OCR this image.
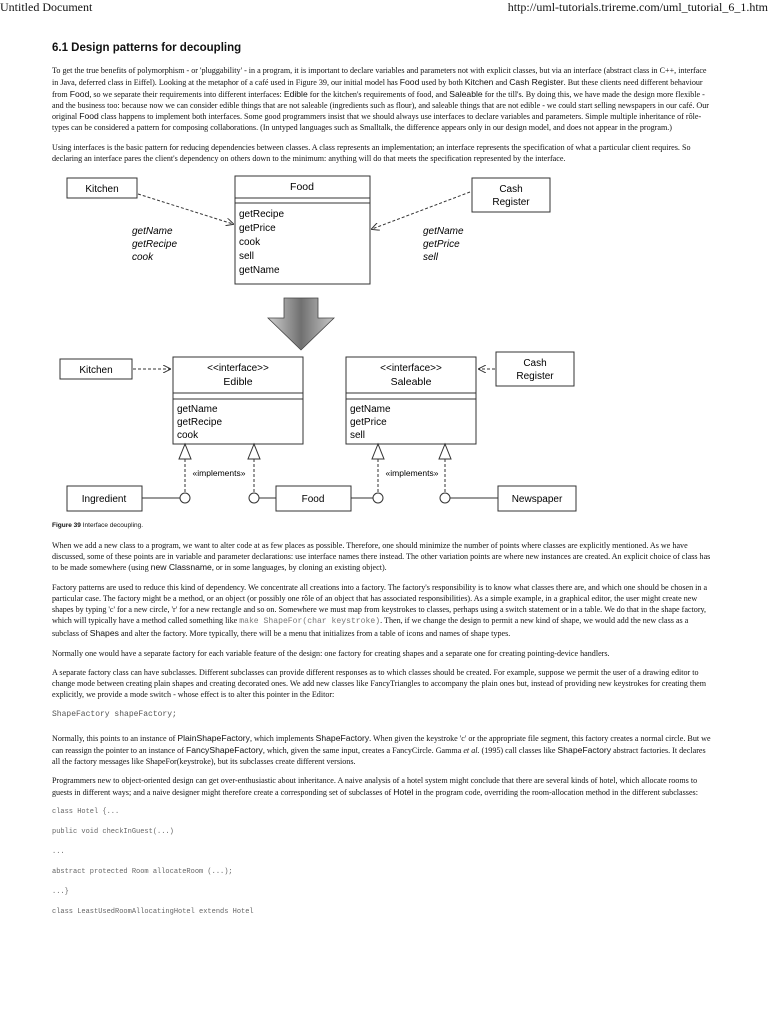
Untitled Document	http://uml-tutorials.trireme.com/uml_tutorial_6_1.htm
6.1 Design patterns for decoupling

To get the true benefits of polymorphism - or 'pluggability' - in a program, it is important to declare variables and parameters not with explicit classes, but via an interface (abstract class in C++, interface in Java, deferred class in Eiffel). Looking at the metaphor of a café used in Figure 39, our initial model has Food used by both Kitchen and Cash Register. But these clients need different behaviour from Food, so we separate their requirements into different interfaces: Edible for the kitchen's requirements of food, and Saleable for the till's. By doing this, we have made the design more flexible - and the business too: because now we can consider edible things that are not saleable (ingredients such as flour), and saleable things that are not edible - we could start selling newspapers in our café. Our original Food class happens to implement both interfaces. Some good programmers insist that we should always use interfaces to declare variables and parameters. Simple multiple inheritance of rôle-types can be considered a pattern for composing collaborations. (In untyped languages such as Smalltalk, the difference appears only in our design model, and does not appear in the program.)

Using interfaces is the basic pattern for reducing dependencies between classes. A class represents an implementation; an interface represents the specification of what a particular client requires. So declaring an interface pares the client's dependency on others down to the minimum: anything will do that meets the specification represented by the interface.

Kitchen	Food
getRecipe
getPrice
cook
sell
getName
Cash
Register
getName
getRecipe
cook
getName
getPrice
sell
Kitchen	<<interface>>
Edible
getName
getRecipe
cook
<<interface>>
Saleable
getName
getPrice
sell
Cash
Register
«implements»	«implements»
Ingredient	Food	Newspaper
Figure 39 Interface decoupling.

When we add a new class to a program, we want to alter code at as few places as possible. Therefore, one should minimize the number of points where classes are explicitly mentioned. As we have discussed, some of these points are in variable and parameter declarations: use interface names there instead. The other variation points are where new instances are created. An explicit choice of class has to be made somewhere (using new Classname, or in some languages, by cloning an existing object).

Factory patterns are used to reduce this kind of dependency. We concentrate all creations into a factory. The factory's responsibility is to know what classes there are, and which one should be chosen in a particular case. The factory might be a method, or an object (or possibly one rôle of an object that has associated responsibilities). As a simple example, in a graphical editor, the user might create new shapes by typing 'c' for a new circle, 'r' for a new rectangle and so on. Somewhere we must map from keystrokes to classes, perhaps using a switch statement or in a table. We do that in the shape factory, which will typically have a method called something like make ShapeFor(char keystroke). Then, if we change the design to permit a new kind of shape, we would add the new class as a subclass of Shapes and alter the factory. More typically, there will be a menu that initializes from a table of icons and names of shape types.

Normally one would have a separate factory for each variable feature of the design: one factory for creating shapes and a separate one for creating pointing-device handlers.

A separate factory class can have subclasses. Different subclasses can provide different responses as to which classes should be created. For example, suppose we permit the user of a drawing editor to change mode between creating plain shapes and creating decorated ones. We add new classes like FancyTriangles to accompany the plain ones but, instead of providing new keystrokes for creating them explicitly, we provide a mode switch - whose effect is to alter this pointer in the Editor:

ShapeFactory shapeFactory;

Normally, this points to an instance of PlainShapeFactory, which implements ShapeFactory. When given the keystroke 'c' or the appropriate file segment, this factory creates a normal circle. But we can reassign the pointer to an instance of FancyShapeFactory, which, given the same input, creates a FancyCircle. Gamma et al. (1995) call classes like ShapeFactory abstract factories. It declares all the factory messages like ShapeFor(keystroke), but its subclasses create different versions.

Programmers new to object-oriented design can get over-enthusiastic about inheritance. A naive analysis of a hotel system might conclude that there are several kinds of hotel, which allocate rooms to guests in different ways; and a naive designer might therefore create a corresponding set of subclasses of Hotel in the program code, overriding the room-allocation method in the different subclasses:

class Hotel {...
public void checkInGuest(...)
...
abstract protected Room allocateRoom (...);
...}
class LeastUsedRoomAllocatingHotel extends Hotel
